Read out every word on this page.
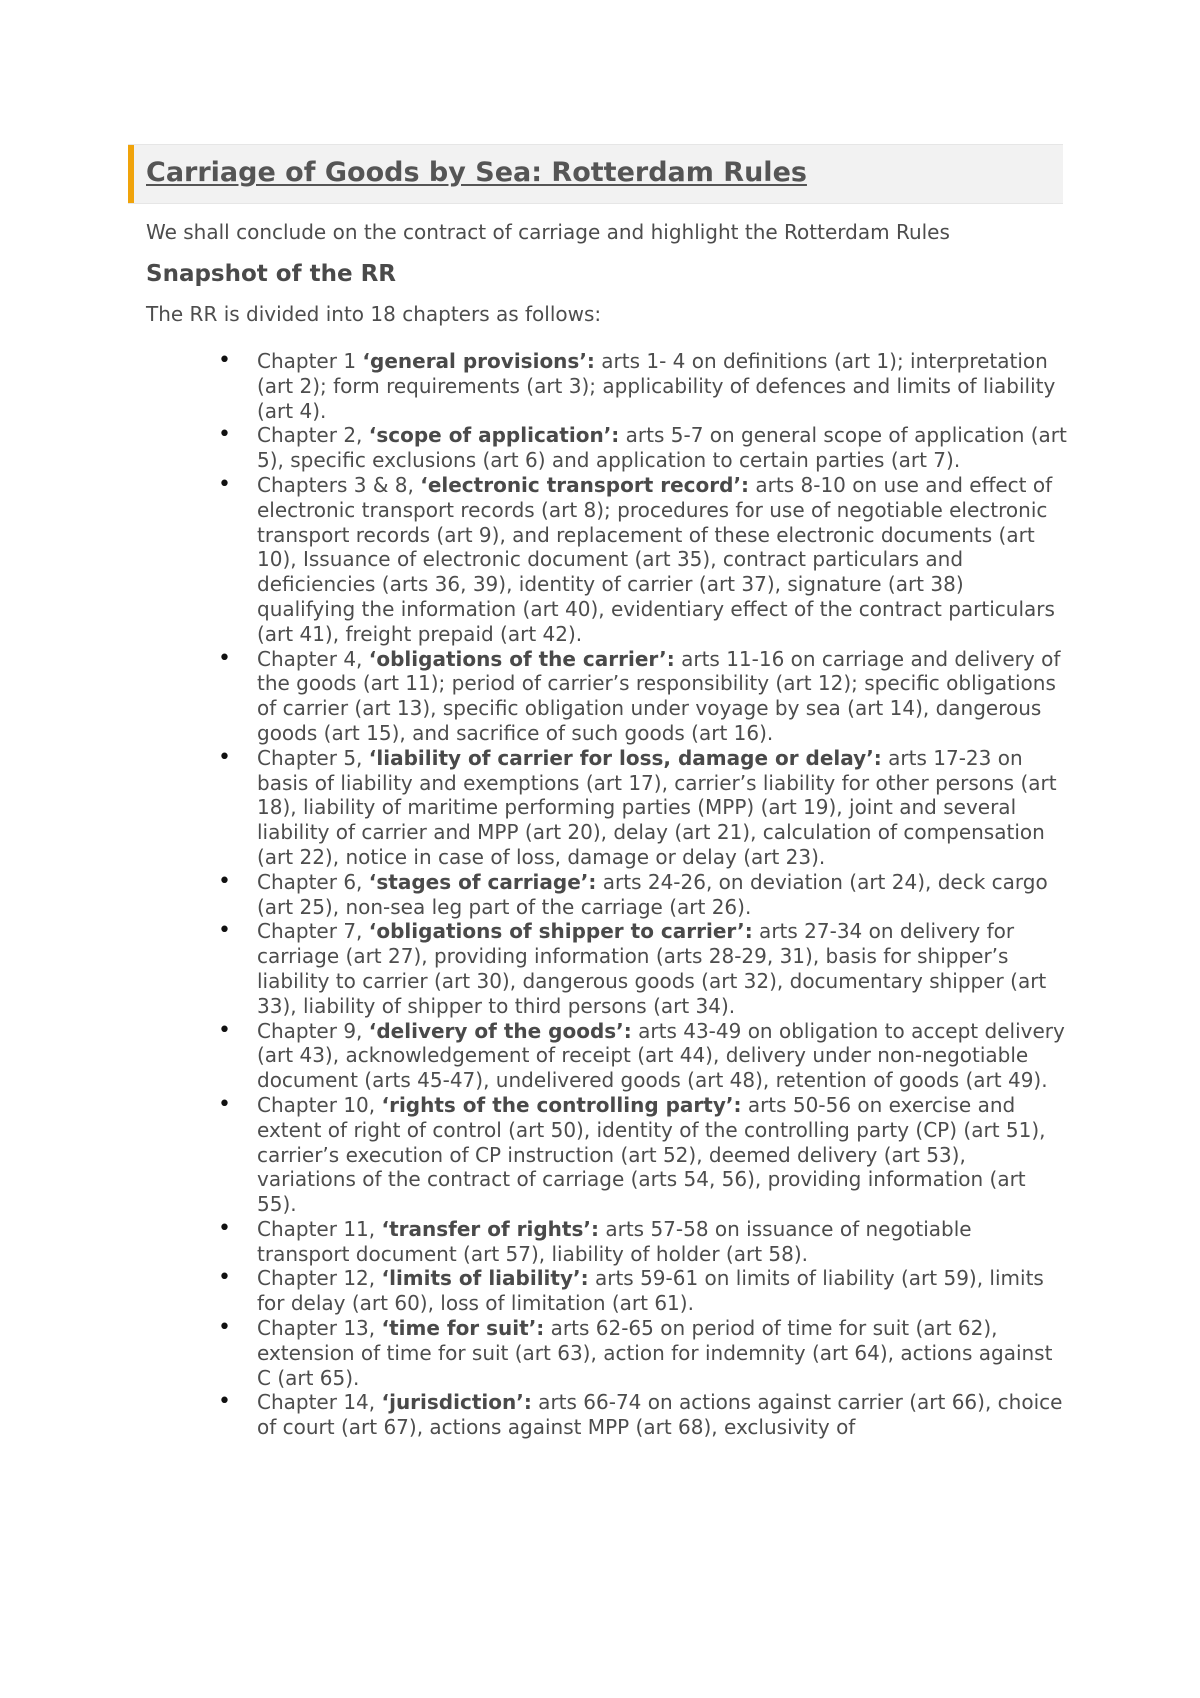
Carriage of Goods by Sea: Rotterdam Rules

We shall conclude on the contract of carriage and highlight the Rotterdam Rules

Snapshot of the RR

The RR is divided into 18 chapters as follows:

• Chapter 1 ‘general provisions’: arts 1- 4 on definitions (art 1); interpretation (art 2); form requirements (art 3); applicability of defences and limits of liability (art 4).
• Chapter 2, ‘scope of application’: arts 5-7 on general scope of application (art 5), specific exclusions (art 6) and application to certain parties (art 7).
• Chapters 3 & 8, ‘electronic transport record’: arts 8-10 on use and effect of electronic transport records (art 8); procedures for use of negotiable electronic transport records (art 9), and replacement of these electronic documents (art 10), Issuance of electronic document (art 35), contract particulars and deficiencies (arts 36, 39), identity of carrier (art 37), signature (art 38) qualifying the information (art 40), evidentiary effect of the contract particulars (art 41), freight prepaid (art 42).
• Chapter 4, ‘obligations of the carrier’: arts 11-16 on carriage and delivery of the goods (art 11); period of carrier’s responsibility (art 12); specific obligations of carrier (art 13), specific obligation under voyage by sea (art 14), dangerous goods (art 15), and sacrifice of such goods (art 16).
• Chapter 5, ‘liability of carrier for loss, damage or delay’: arts 17-23 on basis of liability and exemptions (art 17), carrier’s liability for other persons (art 18), liability of maritime performing parties (MPP) (art 19), joint and several liability of carrier and MPP (art 20), delay (art 21), calculation of compensation (art 22), notice in case of loss, damage or delay (art 23).
• Chapter 6, ‘stages of carriage’: arts 24-26, on deviation (art 24), deck cargo (art 25), non-sea leg part of the carriage (art 26).
• Chapter 7, ‘obligations of shipper to carrier’: arts 27-34 on delivery for carriage (art 27), providing information (arts 28-29, 31), basis for shipper’s liability to carrier (art 30), dangerous goods (art 32), documentary shipper (art 33), liability of shipper to third persons (art 34).
• Chapter 9, ‘delivery of the goods’: arts 43-49 on obligation to accept delivery (art 43), acknowledgement of receipt (art 44), delivery under non-negotiable document (arts 45-47), undelivered goods (art 48), retention of goods (art 49).
• Chapter 10, ‘rights of the controlling party’: arts 50-56 on exercise and extent of right of control (art 50), identity of the controlling party (CP) (art 51), carrier’s execution of CP instruction (art 52), deemed delivery (art 53), variations of the contract of carriage (arts 54, 56), providing information (art 55).
• Chapter 11, ‘transfer of rights’: arts 57-58 on issuance of negotiable transport document (art 57), liability of holder (art 58).
• Chapter 12, ‘limits of liability’: arts 59-61 on limits of liability (art 59), limits for delay (art 60), loss of limitation (art 61).
• Chapter 13, ‘time for suit’: arts 62-65 on period of time for suit (art 62), extension of time for suit (art 63), action for indemnity (art 64), actions against C (art 65).
• Chapter 14, ‘jurisdiction’: arts 66-74 on actions against carrier (art 66), choice of court (art 67), actions against MPP (art 68), exclusivity of
